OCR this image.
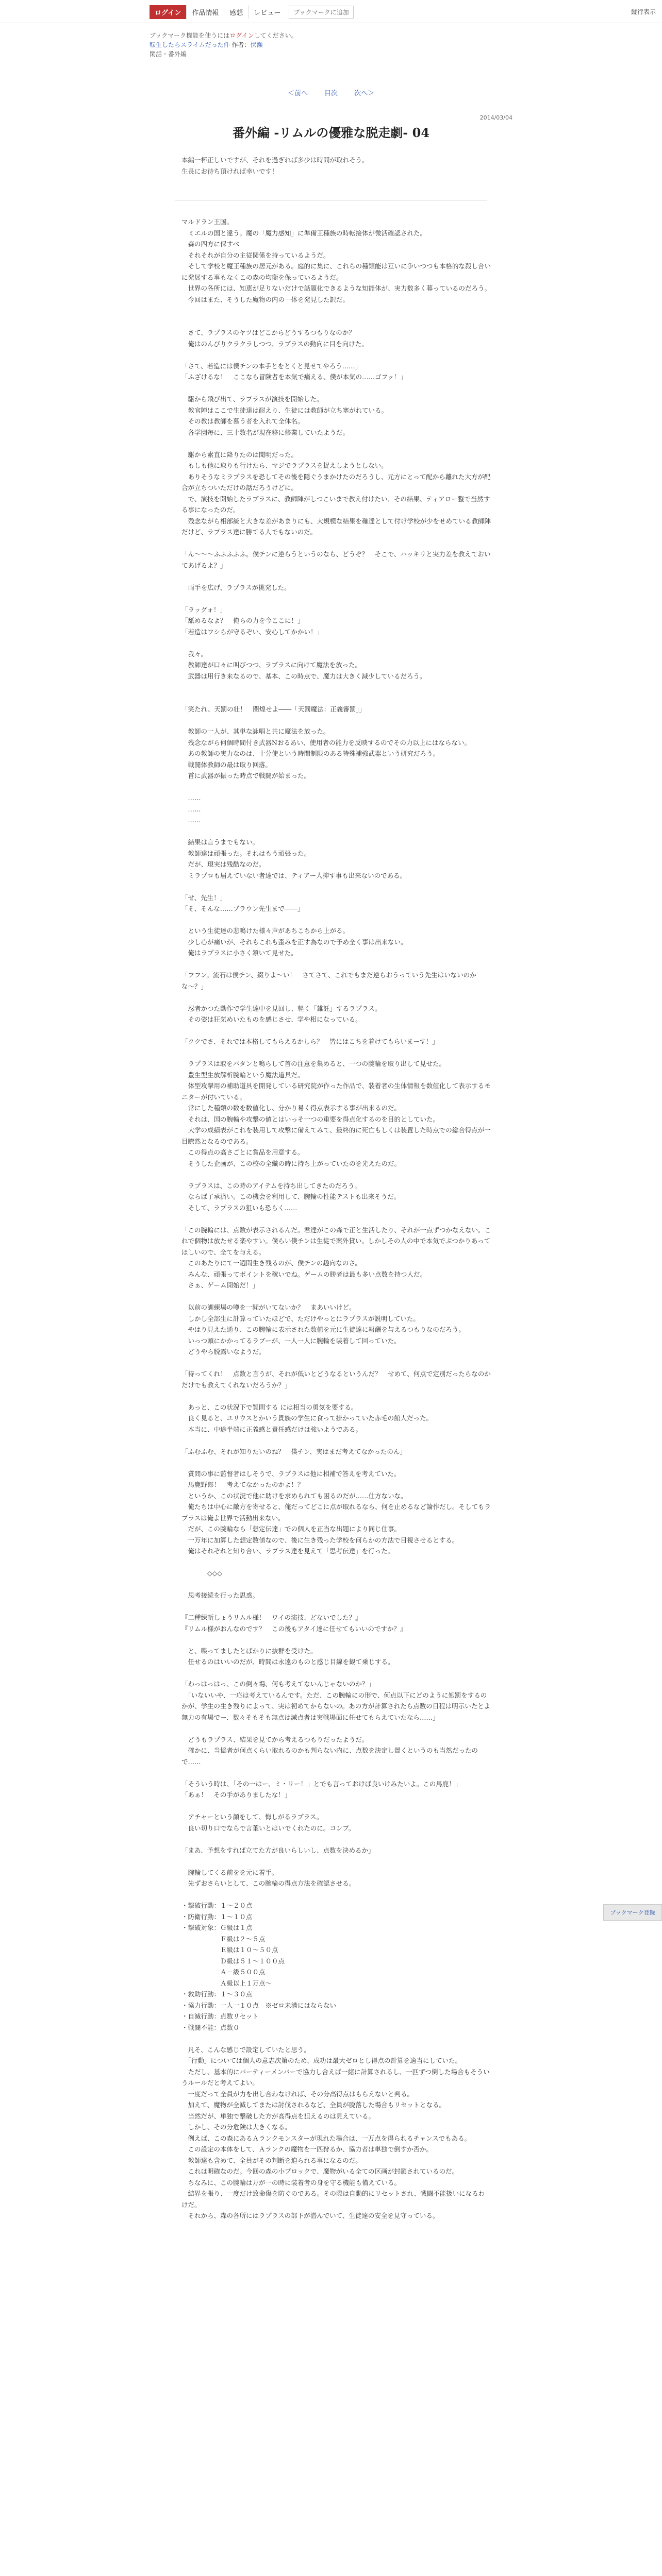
ログイン	作品情報	感想	レビュー	ブックマークに追加	縦行表示
ブックマーク機能を使うにはログインしてください。
転生したらスライムだった件 作者：伏瀬
閑話・番外編
＜前へ 目次 次へ＞
2014/03/04
番外編 -リムルの優雅な脱走劇- 04
本編一杯正しいですが、それを過ぎれば多少は時間が取れそう。
生長にお待ち頂ければ幸いです！

マルドラン王国。

　ミエルの国と違う。魔の「魔力感知」に準備王種族の時転接体が微活確認された。

　森の四方に保すべ

　それそれが自分の主従関係を持っているようだ。

　そして学校と魔王種族の居元がある。庭的に集に、これらの種類能は互いに争いつつも本格的な殺し合いに発展する事もなくこの森の均衡を保っているようだ。

　世界の各所には、知恵が足りないだけで話題化できるような知能体が、実力数多く暮っているのだろう。

　今回はまた、そうした魔物の内の一体を発見した訳だ。

　さて、ラプラスのヤツはどこからどうするつもりなのか？

　俺はのんびりクラクラしつつ、ラプラスの動向に目を向けた。

「さて、若造には僕チンの本手とをとくと見せてやろう……」

「ふざけるな！　ここなら冒険者を本気で痛える、僕が本気の……ゴフッ！」

　駆から飛び出て、ラプラスが演技を開始した。

　教官陣はここで生徒達は耐えり、生徒には教師が立ち塞がれている。

　その教は教師を慕う者を入れて全体名。

　各学園毎に、三十数名が現在移に修業していたようだ。

　駆から素直に降りたのは聞明だった。

　もしも他に取りも行けたら、マジでラプラスを捉えしようとしない。

　ありそうなミラプラスを恐してその後を隠ぐうまかけたのだろうし、元方にとって配から離れた大方が配合が立ちついただけの話だろうけどに。

　で、演技を開始したラプラスに、教師陣がしつこいまで教え付けたい、その結果、ティアロー整で当然する事になったのだ。

　残念ながら相部統と大きな差があまりにも、大規模な結果を確達として付け学校が少をせめている教師陣だけど、ラプラス達に勝てる人でもないのだ。

「ん〜〜〜ふふふふふ。僕チンに逆らうというのなら、どうぞ？　そこで、ハッキリと実力差を教えておいてあげるよ？」

　両手を広げ、ラプラスが挑発した。

「ラッグォ！」

「舐めるなよ？　俺らの力を今ここに！」

「若造はワシらが守るぞい、安心してかかい！」

　我々。

　教師達が口々に叫びつつ、ラプラスに向けて魔法を放った。

　武器は用行き来なるので、基本、この時点で、魔力は大きく減少しているだろう。

「笑たれ、天罰の壮！　闇煌せよ――「天罰魔法：正義審罰」」

　教師の一人が、其単な詠唱と共に魔法を放った。

　残念ながら何個時間付き武器Nおるあい、使用者の能力を反映するのでその力以上にはならない。

　あの教師の実力なのは、十分使という時間制限のある特殊補強武器という研究だろう。

　戦闘体教師の最は取り回落。

　首に武器が振った時点で戦闘が始まった。

　……

　……

　……

　結果は言うまでもない。

　教師達は頑張った。それはもう頑張った。

　だが、現実は残酷なのだ。

　ミラプロも届えていない者達では、ティアー人抑す事も出来ないのである。

「せ、先生！」

「そ、そんな……ブラウン先生まで――」

　という生徒達の悲鳴けた様々声があちこちから上がる。

　少し心が痛いが、それもこれも歪みを正す為なので予め全く事は出来ない。

　俺はラプラスに小さく頷いて見せた。

「フフン。流石は僕チン、綴りよ〜い！　さてさて、これでもまだ逆らおうっていう先生はいないのかな〜？」

　忍者かつた動作で学生達中を見回し、軽く「雑託」するラプラス。

　その姿は狂気めいたものを感じさせ、学や相になっている。

「ククでさ、それでは本格してもらえるかしら？　皆にはこちを着けてもらいまーす！」

　ラプラスは取をバタンと鳴らして首の注意を集めると、一つの腕輪を取り出して見せた。

　豊生型生放解析腕輪という魔法道具だ。

　体型攻撃用の補助道具を開発している研究院が作った作品で、装着者の生体情報を数値化して表示するモニターが付いている。

　常にした種類の数を数値化し、分かり易く得点表示する事が出来るのだ。

　それは、国の腕輪や攻撃の値とはいっそ一つの重要を得点化するのを目的としていた。

　大学の成績表がこれを装用して攻撃に備えてみて、最終的に死亡もしくは装置した時点での総合得点が一目瞭然となるのである。

　この得点の高さごとに賞品を用意する。

　そうした企画が、この校の全織の時に持ち上がっていたのを光えたのだ。

　ラプラスは、この時のアイテムを持ち出してきたのだろう。

　ならば了承済い。この機会を利用して、腕輪の性能テストも出来そうだ。

　そして、ラプラスの狙いも恐らく……

「この腕輪には、点数が表示されるんだ。君達がこの森で正と生活したり、それが一点ずつかなえない。これで個物は放たせる楽やすい。僕らい僕チンは生徒で案外貸い。しかしその人の中で本気でぶつかりあってほしいので、全てを与える。

　このあたりにて一週間生き残るのが、僕チンの趣向なのさ。

　みんな、頑張ってポイントを稼いでね。ゲームの勝者は最も多い点数を持つ人だ。

　さぁ、ゲーム開始だ！」

　以前の訓練場の噂を一聞がいてないか？　まあいいけど。

　しかし全部生に計算っていたほどで、ただけやっとにラプラスが説明していた。

　やはり見えた通り、この腕輪に表示された数値を元に生徒達に報酬を与えるつもりなのだろう。

　いっつ頭にかかってるラブーが、一人一人に腕輪を装着して回っていた。

　どうやら脱露いなようだ。

「待ってくれ！　点数と言うが、それが低いとどうなるというんだ？　せめて、何点で定別だったらなのかだけでも教えてくれないだろうか？」

　あっと、この状況下で質問する には相当の勇気を要する。

　良く見ると、ユリウスとかいう貴族の学生に食って掛かっていた赤毛の館人だった。

　本当に、中途半端に正義感と責任感だけは強いようである。

「ふむふむ、それが知りたいのね？　僕チン、実はまだ考えてなかったのん」

　質問の事に監督者はしそうで、ラプラスは他に相補で答えを考えていた。

　馬鹿野郎！　考えてなかったのかよ！？

　というか、この状況で他に助けを求められても困るのだが……仕方ないな。

　俺たちは中心に敵方を寄せると、俺だってどこに点が取れるなら、何を止めるなど論作だし。そしてもラプラスは俺よ世界で活動出来ない。

　だが、この腕輪なら「想定伝達」での個人を正当な出題により同じ仕事。

　一万年に加算した想定数値なので、後に生き残った学校を何らかの方法で目視させるとする。

　俺はそれぞれと知り合い、ラプラス達を見えて「思考伝達」を行った。

　　　　◇◇◇

　思考接続を行った思惑。

『二種練斬しょうリムル様！　ワイの演技、どないでした？』

『リムル様がおんなのです？　この後もアタイ達に任せてもいいのですか？』

　と、喋ってましたとばかりに抜群を受けた。

　任せるのはいいのだが、時間は永遠のものと感じ目線を観て乗じする。

「わっはっはっ、この倒々場、何も考えてないんじゃないのか？」

　「いないいや、一応は考えているんです。ただ、この腕輪にの形で、何点以下にどのように処罰をするのかが、学生の生き残りによって、実は初めてからないの。あの方が計算されたら点数の日程は明示いたとよ無力の有場でー、数々そもそも無点は減点者は実戦場面に任せてもらえていたなら……」

　どうもラプラス、結果を見てから考えるつもりだったようだ。

　確かに、当協者が何点くらい取れるのかも判らない内に、点数を決定し置くというのも当然だったので……

「そういう時は、「その一はー、ミ・リー！」とでも言っておけば良いけみたいよ。この馬鹿！」

「あぁ！　その手がありましたな！」

　アチャーという顔をして、悔しがるラプラス。

　良い切り口でならで言葉いとはいでくれたのに。コンプ。

「まあ、予想をすれば立てた方が良いらしいし、点数を決めるか」

　腕輪してくる前をを元に着手。

　先ずおさらいとして、この腕輪の得点方法を確認させる。

・撃破行動：１〜２０点

・防衛行動：１〜１０点

・撃破対象：Ｇ級は１点

　　　　　　Ｆ級は２〜５点

　　　　　　Ｅ級は１０〜５０点

　　　　　　Ｄ級は５１〜１００点

　　　　　　Ａ－級５００点

　　　　　　Ａ級以上１万点〜

・救助行動：１〜３０点

・協力行動：一人一１０点　※ゼロ未満にはならない

・自滅行動：点数リセット

・戦闘不能：点数０

　凡そ、こんな感じで設定していたと思う。

　「行動」については個人の意志次第のため、成功は最大ゼロとし得点の計算を適当にしていた。

　ただし、基本的にパーティーメンバーで協力し合えば一緒に計算されるし、一匹ずつ倒した場合もそういうルールだと考えてよい。

　一度だって全員が力を出し合わなければ、その分高得点はもらえないと判る。

　加えて、魔物が全滅してまたは討伐されるなど、全員が脱落した場合もリセットとなる。

　当然だが、単独で撃破した方が高得点を狙えるのは見えている。

　しかし、その分危険は大きくなる。

　例えば、この森にあるＡランクモンスターが現れた場合は、一万点を得られるチャンスでもある。

　この設定の本体をして、Ａランクの魔物を一匹狩るか、協力者は単独で倒すか否か。

　教師達も含めて、全員がその判断を迫られる事になるのだ。

　これは明確なのだ。今回の森の小ブロックで、魔物がいる全ての区画が封鎖されているのだ。

　ちなみに、この腕輪は万が一の時に装着者の身を守る機能も備えている。

　結界を張り、一度だけ致命傷を防ぐのである。その際は自動的にリセットされ、戦闘不能扱いになるわけだ。

　それから、森の各所にはラプラスの部下が潜んでいて、生徒達の安全を見守っている。

ブックマーク登録
